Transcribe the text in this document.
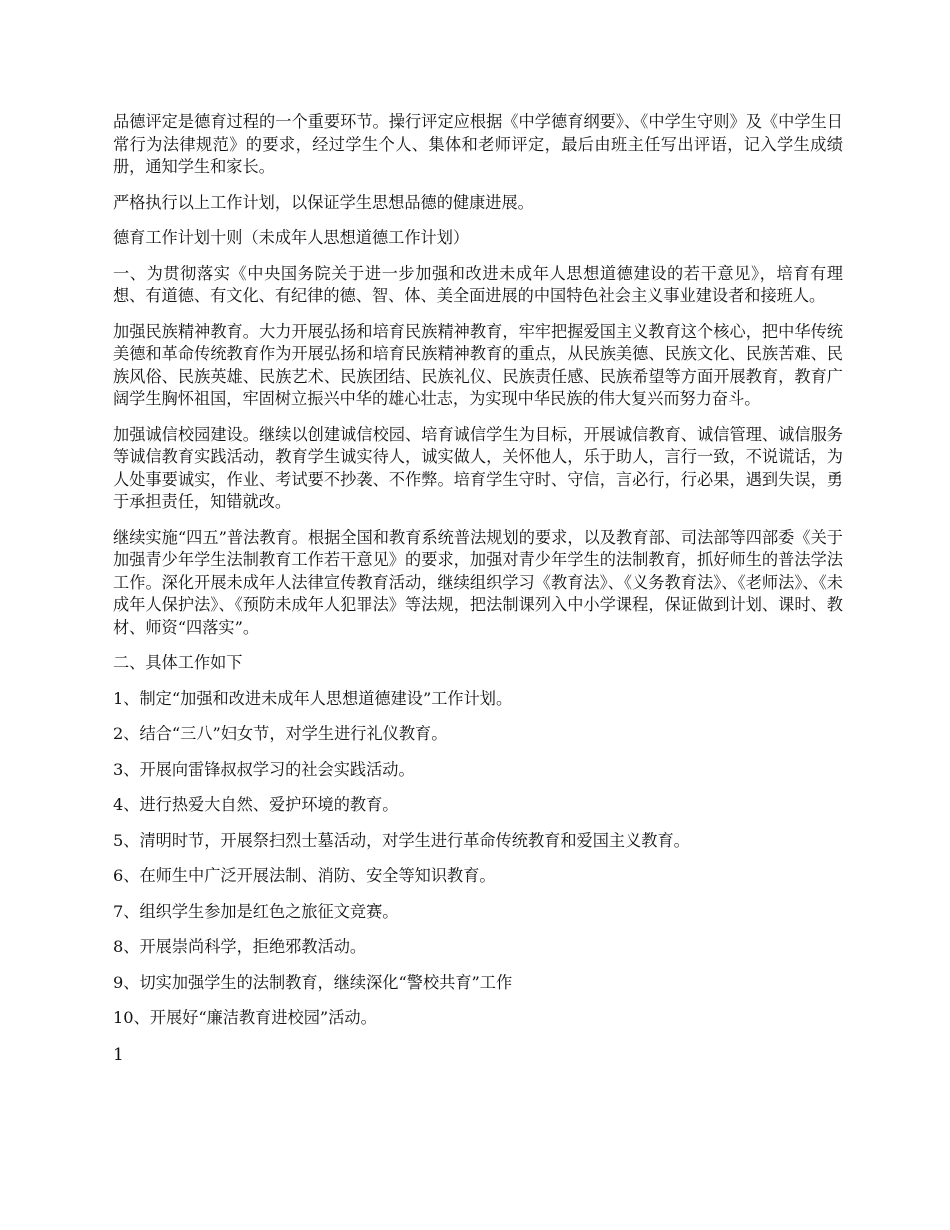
品德评定是德育过程的一个重要环节。操行评定应根据《中学德育纲要》、《中学生守则》及《中学生日常行为法律规范》的要求，经过学生个人、集体和老师评定，最后由班主任写出评语，记入学生成绩册，通知学生和家长。

严格执行以上工作计划，以保证学生思想品德的健康进展。

德育工作计划十则（未成年人思想道德工作计划）

一、为贯彻落实《中央国务院关于进一步加强和改进未成年人思想道德建设的若干意见》，培育有理想、有道德、有文化、有纪律的德、智、体、美全面进展的中国特色社会主义事业建设者和接班人。

加强民族精神教育。大力开展弘扬和培育民族精神教育，牢牢把握爱国主义教育这个核心，把中华传统美德和革命传统教育作为开展弘扬和培育民族精神教育的重点，从民族美德、民族文化、民族苦难、民族风俗、民族英雄、民族艺术、民族团结、民族礼仪、民族责任感、民族希望等方面开展教育，教育广阔学生胸怀祖国，牢固树立振兴中华的雄心壮志，为实现中华民族的伟大复兴而努力奋斗。

加强诚信校园建设。继续以创建诚信校园、培育诚信学生为目标，开展诚信教育、诚信管理、诚信服务等诚信教育实践活动，教育学生诚实待人，诚实做人，关怀他人，乐于助人，言行一致，不说谎话，为人处事要诚实，作业、考试要不抄袭、不作弊。培育学生守时、守信，言必行，行必果，遇到失误，勇于承担责任，知错就改。

继续实施“四五”普法教育。根据全国和教育系统普法规划的要求，以及教育部、司法部等四部委《关于加强青少年学生法制教育工作若干意见》的要求，加强对青少年学生的法制教育，抓好师生的普法学法工作。深化开展未成年人法律宣传教育活动，继续组织学习《教育法》、《义务教育法》、《老师法》、《未成年人保护法》、《预防未成年人犯罪法》等法规，把法制课列入中小学课程，保证做到计划、课时、教材、师资“四落实”。

二、具体工作如下

1、制定“加强和改进未成年人思想道德建设”工作计划。

2、结合“三八”妇女节，对学生进行礼仪教育。

3、开展向雷锋叔叔学习的社会实践活动。

4、进行热爱大自然、爱护环境的教育。

5、清明时节，开展祭扫烈士墓活动，对学生进行革命传统教育和爱国主义教育。

6、在师生中广泛开展法制、消防、安全等知识教育。

7、组织学生参加是红色之旅征文竞赛。

8、开展崇尚科学，拒绝邪教活动。

9、切实加强学生的法制教育，继续深化“警校共育”工作

10、开展好“廉洁教育进校园”活动。

1
